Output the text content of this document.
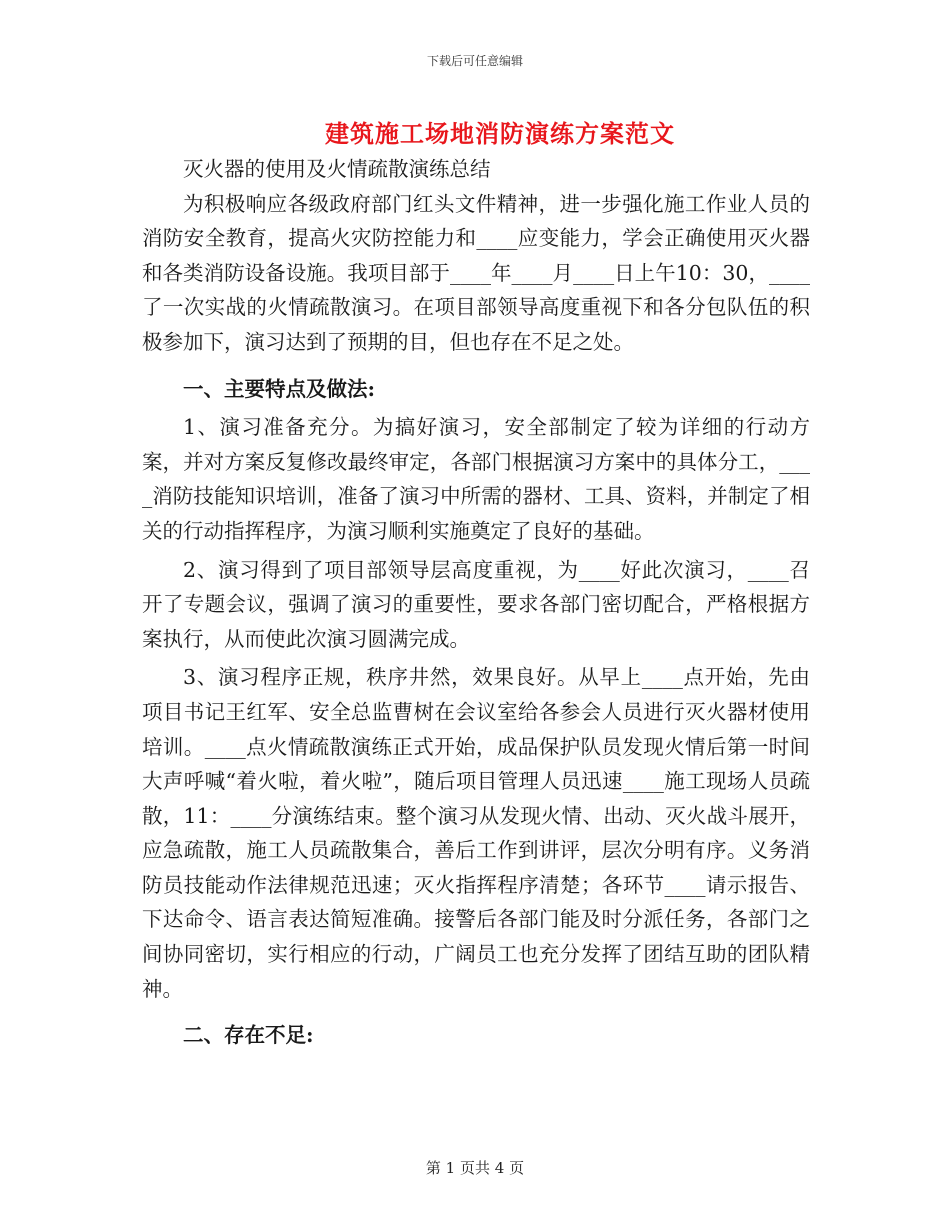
下载后可任意编辑
建筑施工场地消防演练方案范文

灭火器的使用及火情疏散演练总结

为积极响应各级政府部门红头文件精神，进一步强化施工作业人员的消防安全教育，提高火灾防控能力和____应变能力，学会正确使用灭火器和各类消防设备设施。我项目部于____年____月____日上午10：30，____了一次实战的火情疏散演习。在项目部领导高度重视下和各分包队伍的积极参加下，演习达到了预期的目，但也存在不足之处。

一、主要特点及做法:

1、演习准备充分。为搞好演习，安全部制定了较为详细的行动方案，并对方案反复修改最终审定，各部门根据演习方案中的具体分工，____消防技能知识培训，准备了演习中所需的器材、工具、资料，并制定了相关的行动指挥程序，为演习顺利实施奠定了良好的基础。

2、演习得到了项目部领导层高度重视，为____好此次演习，____召开了专题会议，强调了演习的重要性，要求各部门密切配合，严格根据方案执行，从而使此次演习圆满完成。

3、演习程序正规，秩序井然，效果良好。从早上____点开始，先由项目书记王红军、安全总监曹树在会议室给各参会人员进行灭火器材使用培训。____点火情疏散演练正式开始，成品保护队员发现火情后第一时间大声呼喊“着火啦，着火啦”，随后项目管理人员迅速____施工现场人员疏散，11：____分演练结束。整个演习从发现火情、出动、灭火战斗展开，应急疏散，施工人员疏散集合，善后工作到讲评，层次分明有序。义务消防员技能动作法律规范迅速；灭火指挥程序清楚；各环节____请示报告、下达命令、语言表达简短准确。接警后各部门能及时分派任务，各部门之间协同密切，实行相应的行动，广阔员工也充分发挥了团结互助的团队精神。

二、存在不足:

第 1 页共 4 页
